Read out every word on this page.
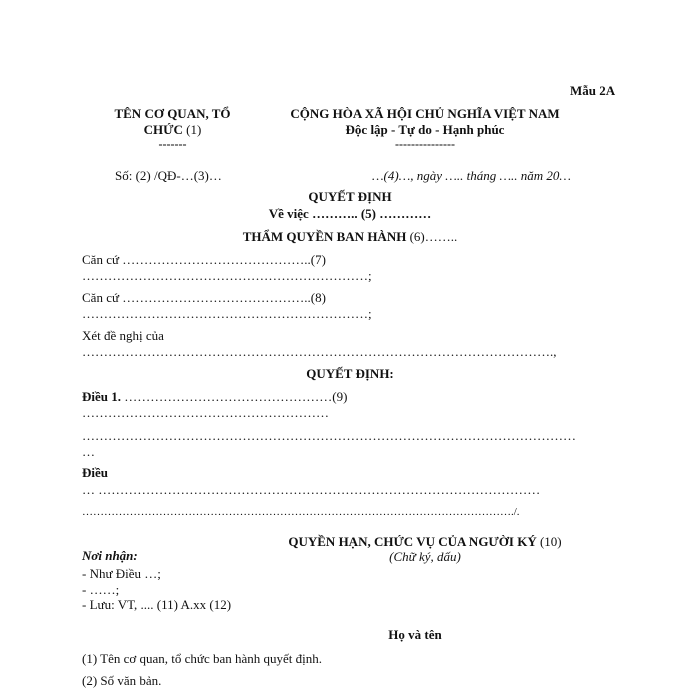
Mẫu 2A
TÊN CƠ QUAN, TỔ
CHỨC (1)
-------
CỘNG HÒA XÃ HỘI CHỦ NGHĨA VIỆT NAM
Độc lập - Tự do - Hạnh phúc
---------------
Số: (2) /QĐ-…(3)…	…(4)…, ngày ….. tháng ….. năm 20…
QUYẾT ĐỊNH
Về việc ……….. (5) …………
THẨM QUYỀN BAN HÀNH (6)……..
Căn cứ ……………………………………..(7)
…………………………………………………………;
Căn cứ ……………………………………..(8)
…………………………………………………………;
Xét đề nghị của
……………………………………………………………………………………………….,
QUYẾT ĐỊNH:
Điều 1. …………………………………………(9)
…………………………………………………
……………………………………………………………………………………………………
…
Điều
… …………………………………………………………………………………………
………………………………………………………………………………………………………./.
QUYỀN HẠN, CHỨC VỤ CỦA NGƯỜI KÝ (10)
(Chữ ký, dấu)
Nơi nhận:
- Như Điều …;
- ……;
- Lưu: VT, .... (11) A.xx (12)
Họ và tên
(1) Tên cơ quan, tổ chức ban hành quyết định.
(2) Số văn bản.
